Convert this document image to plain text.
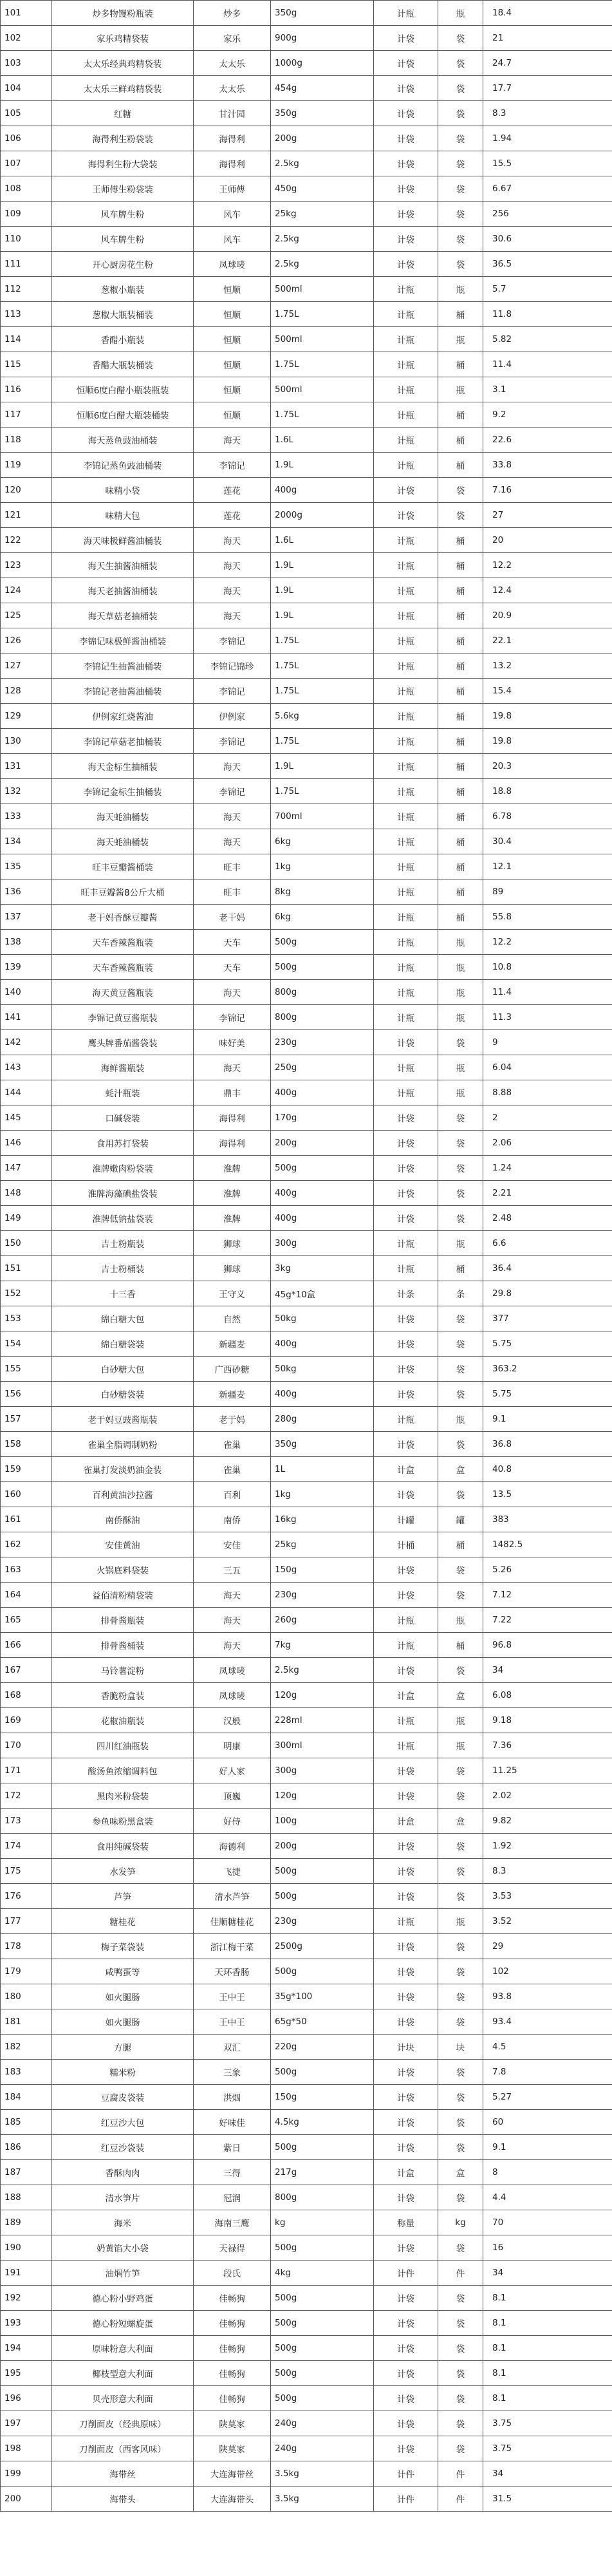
101	炒多物馒粉瓶装	炒多	350g	计瓶	瓶	18.4
102	家乐鸡精袋装	家乐	900g	计袋	袋	21
103	太太乐经典鸡精袋装	太太乐	1000g	计袋	袋	24.7
104	太太乐三鲜鸡精袋装	太太乐	454g	计袋	袋	17.7
105	红糖	甘汁园	350g	计袋	袋	8.3
106	海得利生粉袋装	海得利	200g	计袋	袋	1.94
107	海得利生粉大袋装	海得利	2.5kg	计袋	袋	15.5
108	王师傅生粉袋装	王师傅	450g	计袋	袋	6.67
109	风车牌生粉	风车	25kg	计袋	袋	256
110	风车牌生粉	风车	2.5kg	计袋	袋	30.6
111	开心厨房花生粉	凤球唛	2.5kg	计袋	袋	36.5
112	葱椒小瓶装	恒顺	500ml	计瓶	瓶	5.7
113	葱椒大瓶装桶装	恒顺	1.75L	计瓶	桶	11.8
114	香醋小瓶装	恒顺	500ml	计瓶	瓶	5.82
115	香醋大瓶装桶装	恒顺	1.75L	计瓶	桶	11.4
116	恒顺6度白醋小瓶装瓶装	恒顺	500ml	计瓶	瓶	3.1
117	恒顺6度白醋大瓶装桶装	恒顺	1.75L	计瓶	桶	9.2
118	海天蒸鱼豉油桶装	海天	1.6L	计瓶	桶	22.6
119	李锦记蒸鱼豉油桶装	李锦记	1.9L	计瓶	桶	33.8
120	味精小袋	莲花	400g	计袋	袋	7.16
121	味精大包	莲花	2000g	计袋	袋	27
122	海天味极鲜酱油桶装	海天	1.6L	计瓶	桶	20
123	海天生抽酱油桶装	海天	1.9L	计瓶	桶	12.2
124	海天老抽酱油桶装	海天	1.9L	计瓶	桶	12.4
125	海天草菇老抽桶装	海天	1.9L	计瓶	桶	20.9
126	李锦记味极鲜酱油桶装	李锦记	1.75L	计瓶	桶	22.1
127	李锦记生抽酱油桶装	李锦记锦珍	1.75L	计瓶	桶	13.2
128	李锦记老抽酱油桶装	李锦记	1.75L	计瓶	桶	15.4
129	伊例家红烧酱油	伊例家	5.6kg	计瓶	桶	19.8
130	李锦记草菇老抽桶装	李锦记	1.75L	计瓶	桶	19.8
131	海天金标生抽桶装	海天	1.9L	计瓶	桶	20.3
132	李锦记金标生抽桶装	李锦记	1.75L	计瓶	桶	18.8
133	海天蚝油桶装	海天	700ml	计瓶	桶	6.78
134	海天蚝油桶装	海天	6kg	计瓶	桶	30.4
135	旺丰豆瓣酱桶装	旺丰	1kg	计瓶	桶	12.1
136	旺丰豆瓣酱8公斤大桶	旺丰	8kg	计瓶	桶	89
137	老干妈香酥豆瓣酱	老干妈	6kg	计瓶	桶	55.8
138	天车香辣酱瓶装	天车	500g	计瓶	瓶	12.2
139	天车香辣酱瓶装	天车	500g	计瓶	瓶	10.8
140	海天黄豆酱瓶装	海天	800g	计瓶	瓶	11.4
141	李锦记黄豆酱瓶装	李锦记	800g	计瓶	瓶	11.3
142	鹰头牌番茄酱袋装	味好美	230g	计袋	袋	9
143	海鲜酱瓶装	海天	250g	计瓶	瓶	6.04
144	蚝汁瓶装	鼎丰	400g	计瓶	瓶	8.88
145	口碱袋装	海得利	170g	计袋	袋	2
146	食用苏打袋装	海得利	200g	计袋	袋	2.06
147	淮牌嫩肉粉袋装	淮牌	500g	计袋	袋	1.24
148	淮牌海藻碘盐袋装	淮牌	400g	计袋	袋	2.21
149	淮牌低钠盐袋装	淮牌	400g	计袋	袋	2.48
150	吉士粉瓶装	狮球	300g	计瓶	瓶	6.6
151	吉士粉桶装	狮球	3kg	计瓶	桶	36.4
152	十三香	王守义	45g*10盒	计条	条	29.8
153	绵白糖大包	自然	50kg	计袋	袋	377
154	绵白糖袋装	新疆麦	400g	计袋	袋	5.75
155	白砂糖大包	广西砂糖	50kg	计袋	袋	363.2
156	白砂糖袋装	新疆麦	400g	计袋	袋	5.75
157	老于妈豆豉酱瓶装	老于妈	280g	计瓶	瓶	9.1
158	雀巢全脂调制奶粉	雀巢	350g	计袋	袋	36.8
159	雀巢打发淡奶油金装	雀巢	1L	计盒	盒	40.8
160	百利黄油沙拉酱	百利	1kg	计袋	袋	13.5
161	南侨酥油	南侨	16kg	计罐	罐	383
162	安佳黄油	安佳	25kg	计桶	桶	1482.5
163	火锅底料袋装	三五	150g	计袋	袋	5.26
164	益佰清粉精袋装	海天	230g	计袋	袋	7.12
165	排骨酱瓶装	海天	260g	计瓶	瓶	7.22
166	排骨酱桶装	海天	7kg	计瓶	桶	96.8
167	马铃薯淀粉	凤球唛	2.5kg	计袋	袋	34
168	香脆粉盒装	凤球唛	120g	计盒	盒	6.08
169	花椒油瓶装	汉般	228ml	计瓶	瓶	9.18
170	四川红油瓶装	明康	300ml	计瓶	瓶	7.36
171	酸汤鱼浓缩调料包	好人家	300g	计袋	袋	11.25
172	黑肉米粉袋装	顶巍	120g	计袋	袋	2.02
173	参鱼味粉黑盒装	好侍	100g	计盒	盒	9.82
174	食用纯碱袋装	海德利	200g	计袋	袋	1.92
175	水发笋	飞捷	500g	计袋	袋	8.3
176	芦笋	清水芦笋	500g	计袋	袋	3.53
177	糖桂花	佳顺糖桂花	230g	计瓶	瓶	3.52
178	梅子菜袋装	浙江梅干菜	2500g	计袋	袋	29
179	咸鸭蛋等	天环香肠	500g	计袋	袋	102
180	如火腿肠	王中王	35g*100	计袋	袋	93.8
181	如火腿肠	王中王	65g*50	计袋	袋	93.4
182	方腿	双汇	220g	计块	块	4.5
183	糯米粉	三象	500g	计袋	袋	7.8
184	豆腐皮袋装	洪烟	150g	计袋	袋	5.27
185	红豆沙大包	好味佳	4.5kg	计袋	袋	60
186	红豆沙袋装	紫日	500g	计袋	袋	9.1
187	香酥肉肉	三得	217g	计盒	盒	8
188	清水笋片	冠润	800g	计袋	袋	4.4
189	海米	海南三鹰	kg	称量	kg	70
190	奶黄馅大小袋	天禄得	500g	计袋	袋	16
191	油焖竹笋	段氏	4kg	计件	件	34
192	德心粉小野鸡蛋	佳畅狗	500g	计袋	袋	8.1
193	德心粉短螺旋蛋	佳畅狗	500g	计袋	袋	8.1
194	原味粉意大利面	佳畅狗	500g	计袋	袋	8.1
195	椰枝型意大利面	佳畅狗	500g	计袋	袋	8.1
196	贝壳形意大利面	佳畅狗	500g	计袋	袋	8.1
197	刀削面皮（经典原味）	陕莫家	240g	计袋	袋	3.75
198	刀削面皮（西客风味）	陕莫家	240g	计袋	袋	3.75
199	海带丝	大连海带丝	3.5kg	计件	件	34
200	海带头	大连海带头	3.5kg	计件	件	31.5
